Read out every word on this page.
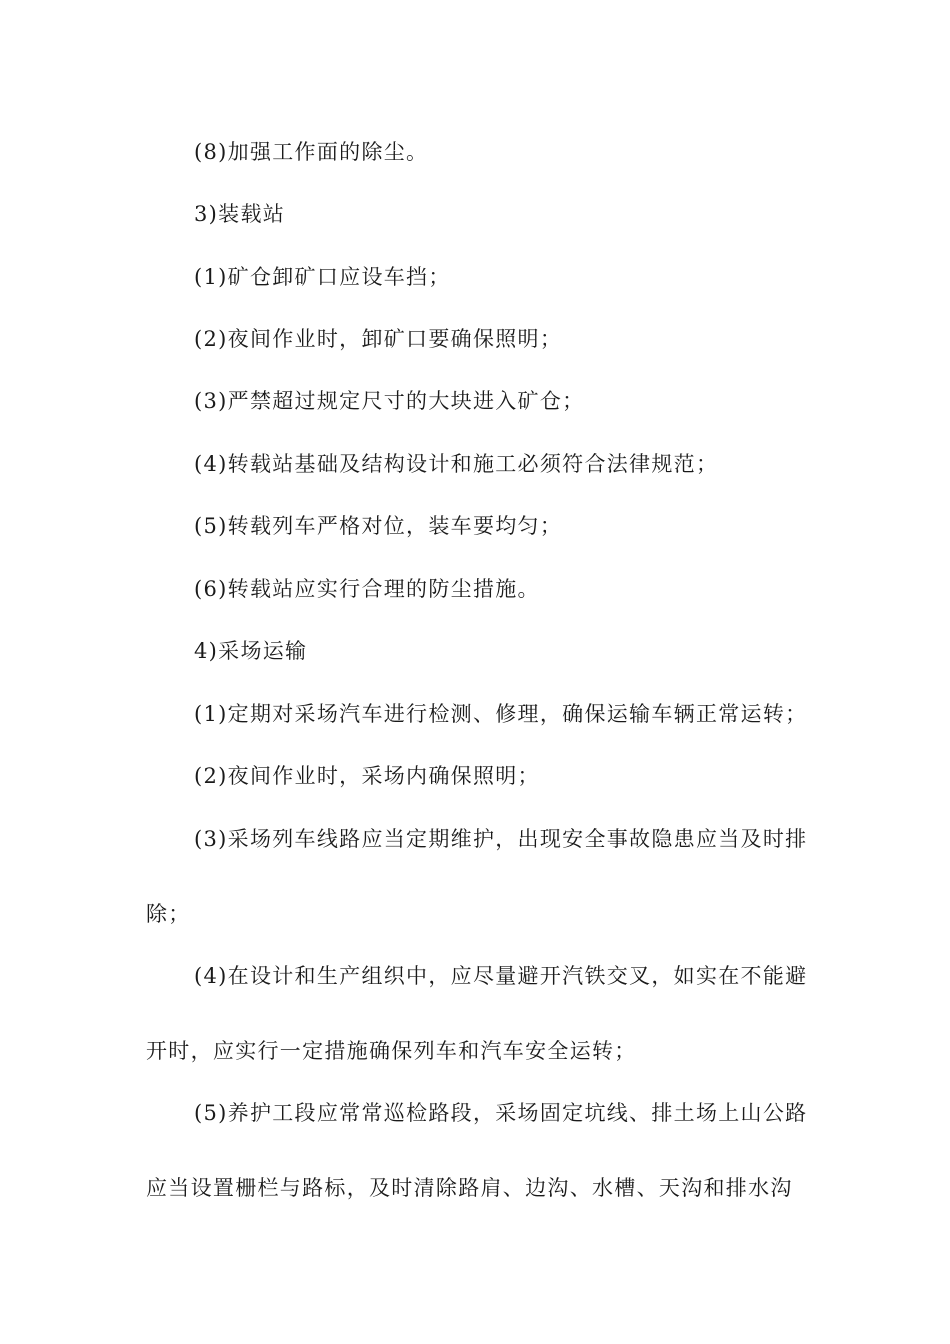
(8)加强工作面的除尘。
3)装载站
(1)矿仓卸矿口应设车挡；
(2)夜间作业时，卸矿口要确保照明；
(3)严禁超过规定尺寸的大块进入矿仓；
(4)转载站基础及结构设计和施工必须符合法律规范；
(5)转载列车严格对位，装车要均匀；
(6)转载站应实行合理的防尘措施。
4)采场运输
(1)定期对采场汽车进行检测、修理，确保运输车辆正常运转；
(2)夜间作业时，采场内确保照明；
(3)采场列车线路应当定期维护，出现安全事故隐患应当及时排
除；
(4)在设计和生产组织中，应尽量避开汽铁交叉，如实在不能避
开时，应实行一定措施确保列车和汽车安全运转；
(5)养护工段应常常巡检路段，采场固定坑线、排土场上山公路
应当设置栅栏与路标，及时清除路肩、边沟、水槽、天沟和排水沟
